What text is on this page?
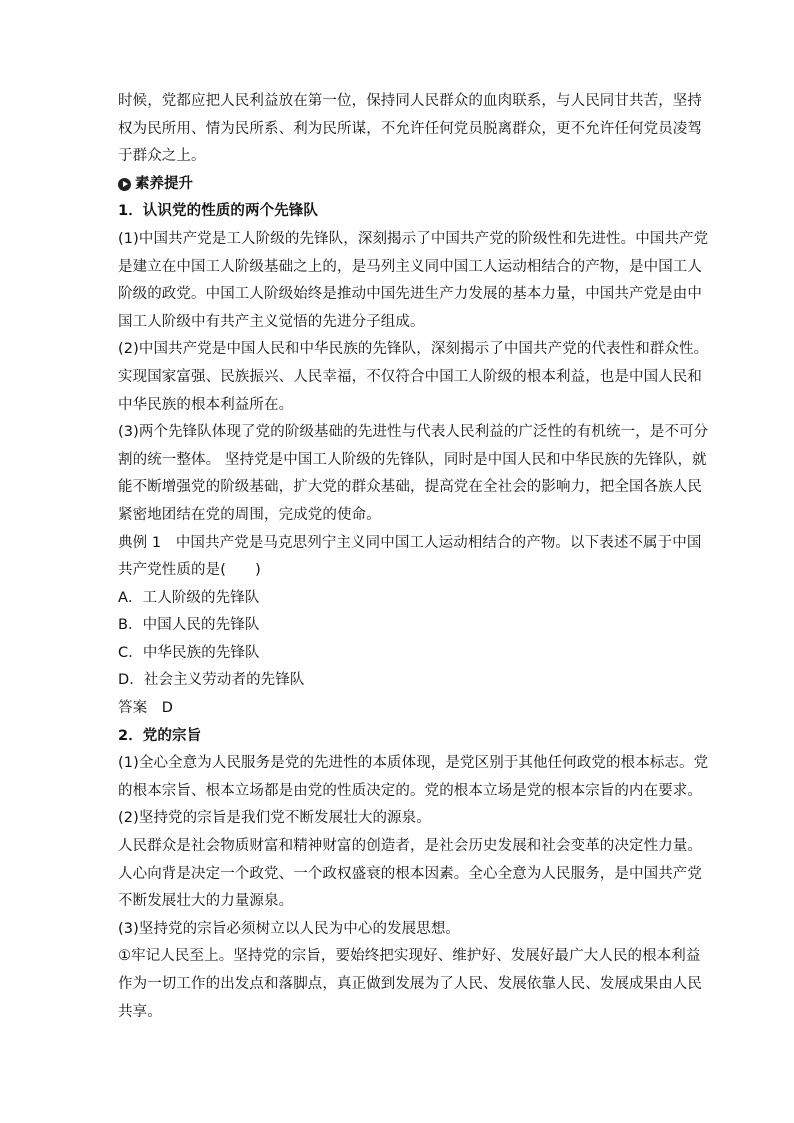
时候，党都应把人民利益放在第一位，保持同人民群众的血肉联系，与人民同甘共苦，坚持
权为民所用、情为民所系、利为民所谋，不允许任何党员脱离群众，更不允许任何党员凌驾
于群众之上。
素养提升
1．认识党的性质的两个先锋队
(1)中国共产党是工人阶级的先锋队，深刻揭示了中国共产党的阶级性和先进性。中国共产党
是建立在中国工人阶级基础之上的，是马列主义同中国工人运动相结合的产物，是中国工人
阶级的政党。中国工人阶级始终是推动中国先进生产力发展的基本力量，中国共产党是由中
国工人阶级中有共产主义觉悟的先进分子组成。
(2)中国共产党是中国人民和中华民族的先锋队，深刻揭示了中国共产党的代表性和群众性。
实现国家富强、民族振兴、人民幸福，不仅符合中国工人阶级的根本利益，也是中国人民和
中华民族的根本利益所在。
(3)两个先锋队体现了党的阶级基础的先进性与代表人民利益的广泛性的有机统一，是不可分
割的统一整体。 坚持党是中国工人阶级的先锋队，同时是中国人民和中华民族的先锋队，就
能不断增强党的阶级基础，扩大党的群众基础，提高党在全社会的影响力，把全国各族人民
紧密地团结在党的周围，完成党的使命。
典例 1　中国共产党是马克思列宁主义同中国工人运动相结合的产物。以下表述不属于中国
共产党性质的是(　　)
A．工人阶级的先锋队
B．中国人民的先锋队
C．中华民族的先锋队
D．社会主义劳动者的先锋队
答案　D
2．党的宗旨
(1)全心全意为人民服务是党的先进性的本质体现，是党区别于其他任何政党的根本标志。党
的根本宗旨、根本立场都是由党的性质决定的。党的根本立场是党的根本宗旨的内在要求。
(2)坚持党的宗旨是我们党不断发展壮大的源泉。
人民群众是社会物质财富和精神财富的创造者，是社会历史发展和社会变革的决定性力量。
人心向背是决定一个政党、一个政权盛衰的根本因素。全心全意为人民服务，是中国共产党
不断发展壮大的力量源泉。
(3)坚持党的宗旨必须树立以人民为中心的发展思想。
①牢记人民至上。坚持党的宗旨，要始终把实现好、维护好、发展好最广大人民的根本利益
作为一切工作的出发点和落脚点，真正做到发展为了人民、发展依靠人民、发展成果由人民
共享。
